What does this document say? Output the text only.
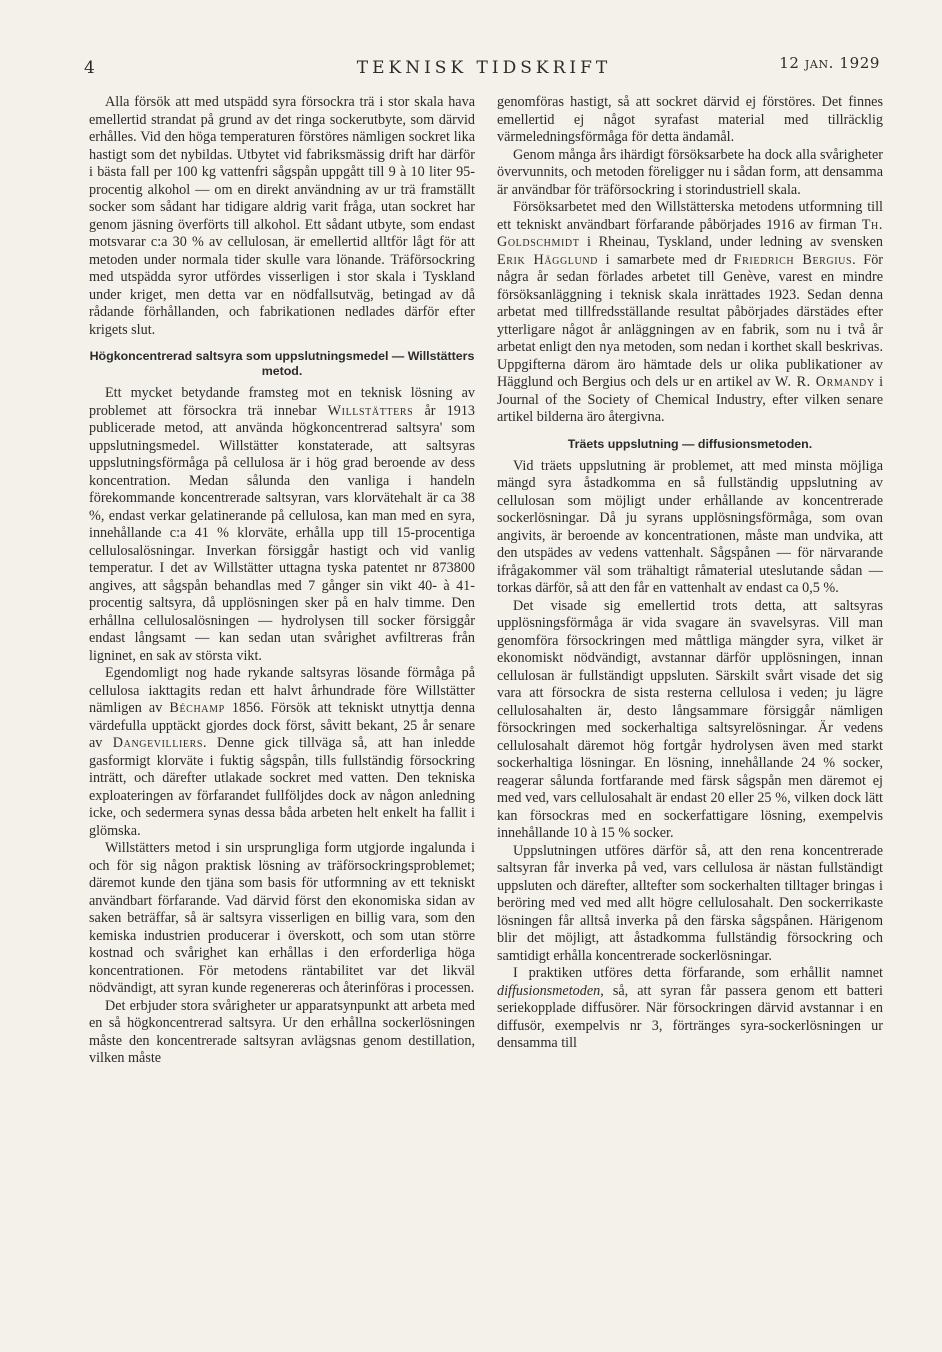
4	TEKNISK TIDSKRIFT	12 jan. 1929

Alla försök att med utspädd syra försockra trä i stor skala hava emellertid strandat på grund av det ringa sockerutbyte, som därvid erhålles. Vid den höga temperaturen förstöres nämligen sockret lika hastigt som det nybildas. Utbytet vid fabriksmässig drift har därför i bästa fall per 100 kg vattenfri sågspån uppgått till 9 à 10 liter 95-procentig alkohol — om en direkt användning av ur trä framställt socker som sådant har tidigare aldrig varit fråga, utan sockret har genom jäsning överförts till alkohol. Ett sådant utbyte, som endast motsvarar c:a 30 % av cellulosan, är emellertid alltför lågt för att metoden under normala tider skulle vara lönande. Träförsockring med utspädda syror utfördes visserligen i stor skala i Tyskland under kriget, men detta var en nödfallsutväg, betingad av då rådande förhållanden, och fabrikationen nedlades därför efter krigets slut.

Högkoncentrerad saltsyra som uppslutningsmedel — Willstätters metod.

Ett mycket betydande framsteg mot en teknisk lösning av problemet att försockra trä innebar Willstätters år 1913 publicerade metod, att använda högkoncentrerad saltsyra' som uppslutningsmedel. Willstätter konstaterade, att saltsyras uppslutningsförmåga på cellulosa är i hög grad beroende av dess koncentration. Medan sålunda den vanliga i handeln förekommande koncentrerade saltsyran, vars klorvätehalt är ca 38 %, endast verkar gelatinerande på cellulosa, kan man med en syra, innehållande c:a 41 % klorväte, erhålla upp till 15-procentiga cellulosalösningar. Inverkan försiggår hastigt och vid vanlig temperatur. I det av Willstätter uttagna tyska patentet nr 873800 angives, att sågspån behandlas med 7 gånger sin vikt 40- à 41-procentig saltsyra, då upplösningen sker på en halv timme. Den erhållna cellulosalösningen — hydrolysen till socker försiggår endast långsamt — kan sedan utan svårighet avfiltreras från ligninet, en sak av största vikt.

Egendomligt nog hade rykande saltsyras lösande förmåga på cellulosa iakttagits redan ett halvt århundrade före Willstätter nämligen av Béchamp 1856. Försök att tekniskt utnyttja denna värdefulla upptäckt gjordes dock först, såvitt bekant, 25 år senare av Dangevilliers. Denne gick tillväga så, att han inledde gasformigt klorväte i fuktig sågspån, tills fullständig försockring inträtt, och därefter utlakade sockret med vatten. Den tekniska exploateringen av förfarandet fullföljdes dock av någon anledning icke, och sedermera synas dessa båda arbeten helt enkelt ha fallit i glömska.

Willstätters metod i sin ursprungliga form utgjorde ingalunda i och för sig någon praktisk lösning av träförsockringsproblemet; däremot kunde den tjäna som basis för utformning av ett tekniskt användbart förfarande. Vad därvid först den ekonomiska sidan av saken beträffar, så är saltsyra visserligen en billig vara, som den kemiska industrien producerar i överskott, och som utan större kostnad och svårighet kan erhållas i den erforderliga höga koncentrationen. För metodens räntabilitet var det likväl nödvändigt, att syran kunde regenereras och återinföras i processen.

Det erbjuder stora svårigheter ur apparatsynpunkt att arbeta med en så högkoncentrerad saltsyra. Ur den erhållna sockerlösningen måste den koncentrerade saltsyran avlägsnas genom destillation, vilken måste

genomföras hastigt, så att sockret därvid ej förstöres. Det finnes emellertid ej något syrafast material med tillräcklig värmeledningsförmåga för detta ändamål.

Genom många års ihärdigt försöksarbete ha dock alla svårigheter övervunnits, och metoden föreligger nu i sådan form, att densamma är användbar för träförsockring i storindustriell skala.

Försöksarbetet med den Willstätterska metodens utformning till ett tekniskt användbart förfarande påbörjades 1916 av firman Th. Goldschmidt i Rheinau, Tyskland, under ledning av svensken Erik Hägglund i samarbete med dr Friedrich Bergius. För några år sedan förlades arbetet till Genève, varest en mindre försöksanläggning i teknisk skala inrättades 1923. Sedan denna arbetat med tillfredsställande resultat påbörjades därstädes efter ytterligare något år anläggningen av en fabrik, som nu i två år arbetat enligt den nya metoden, som nedan i korthet skall beskrivas. Uppgifterna därom äro hämtade dels ur olika publikationer av Hägglund och Bergius och dels ur en artikel av W. R. Ormandy i Journal of the Society of Chemical Industry, efter vilken senare artikel bilderna äro återgivna.

Träets uppslutning — diffusionsmetoden.

Vid träets uppslutning är problemet, att med minsta möjliga mängd syra åstadkomma en så fullständig uppslutning av cellulosan som möjligt under erhållande av koncentrerade sockerlösningar. Då ju syrans upplösningsförmåga, som ovan angivits, är beroende av koncentrationen, måste man undvika, att den utspädes av vedens vattenhalt. Sågspånen — för närvarande ifrågakommer väl som trähaltigt råmaterial uteslutande sådan — torkas därför, så att den får en vattenhalt av endast ca 0,5 %.

Det visade sig emellertid trots detta, att saltsyras upplösningsförmåga är vida svagare än svavelsyras. Vill man genomföra försockringen med måttliga mängder syra, vilket är ekonomiskt nödvändigt, avstannar därför upplösningen, innan cellulosan är fullständigt uppsluten. Särskilt svårt visade det sig vara att försockra de sista resterna cellulosa i veden; ju lägre cellulosahalten är, desto långsammare försiggår nämligen försockringen med sockerhaltiga saltsyrelösningar. Är vedens cellulosahalt däremot hög fortgår hydrolysen även med starkt sockerhaltiga lösningar. En lösning, innehållande 24 % socker, reagerar sålunda fortfarande med färsk sågspån men däremot ej med ved, vars cellulosahalt är endast 20 eller 25 %, vilken dock lätt kan försockras med en sockerfattigare lösning, exempelvis innehållande 10 à 15 % socker.

Uppslutningen utföres därför så, att den rena koncentrerade saltsyran får inverka på ved, vars cellulosa är nästan fullständigt uppsluten och därefter, alltefter som sockerhalten tilltager bringas i beröring med ved med allt högre cellulosahalt. Den sockerrikaste lösningen får alltså inverka på den färska sågspånen. Härigenom blir det möjligt, att åstadkomma fullständig försockring och samtidigt erhålla koncentrerade sockerlösningar.

I praktiken utföres detta förfarande, som erhållit namnet diffusionsmetoden, så, att syran får passera genom ett batteri seriekopplade diffusörer. När försockringen därvid avstannar i en diffusör, exempelvis nr 3, förtränges syra-sockerlösningen ur densamma till
